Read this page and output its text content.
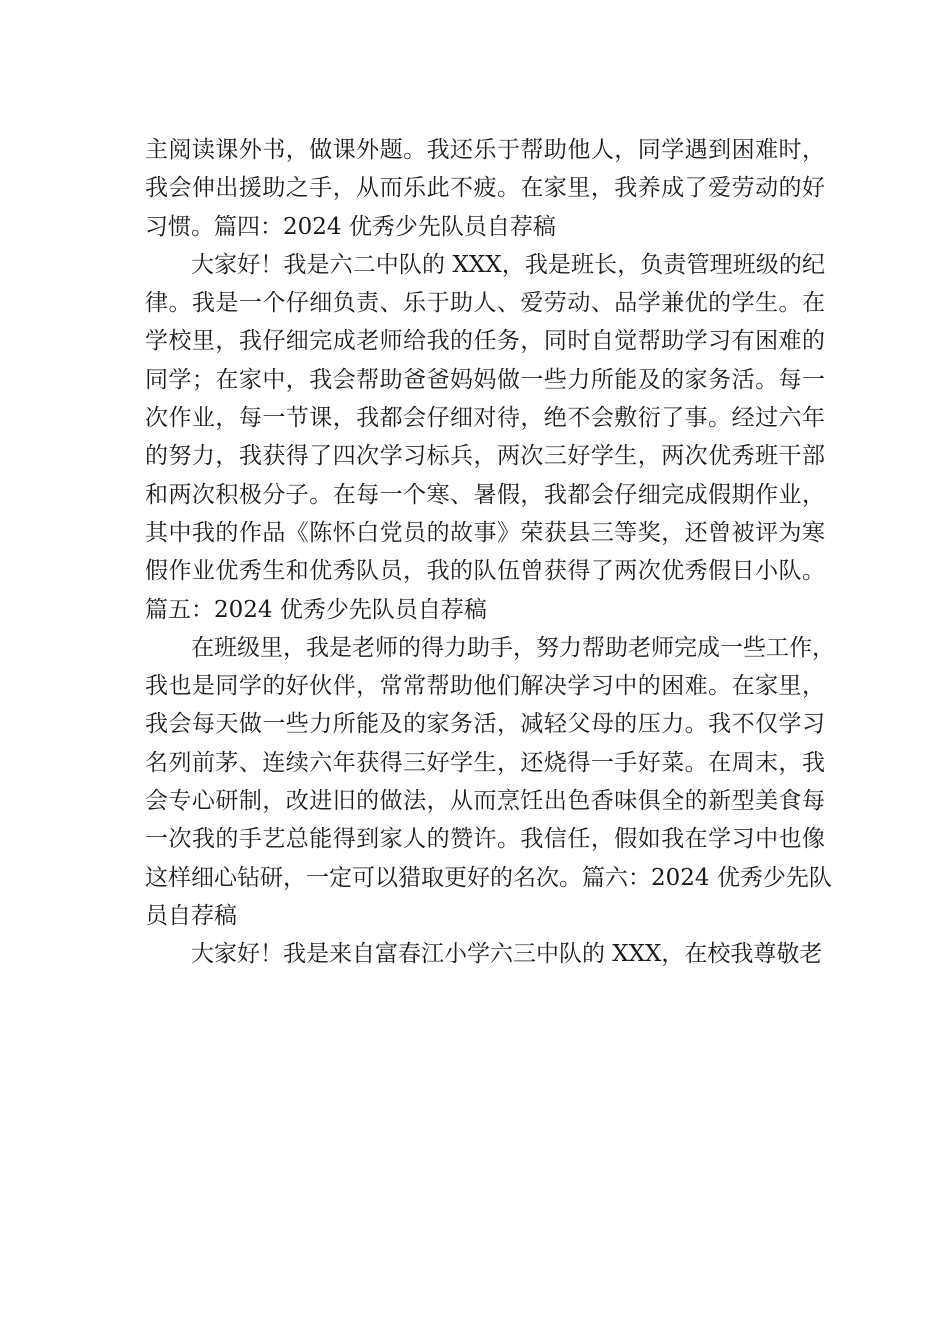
主阅读课外书，做课外题。我还乐于帮助他人，同学遇到困难时，
我会伸出援助之手，从而乐此不疲。在家里，我养成了爱劳动的好
习惯。篇四：2024 优秀少先队员自荐稿
大家好！我是六二中队的 XXX，我是班长，负责管理班级的纪
律。我是一个仔细负责、乐于助人、爱劳动、品学兼优的学生。在
学校里，我仔细完成老师给我的任务，同时自觉帮助学习有困难的
同学；在家中，我会帮助爸爸妈妈做一些力所能及的家务活。每一
次作业，每一节课，我都会仔细对待，绝不会敷衍了事。经过六年
的努力，我获得了四次学习标兵，两次三好学生，两次优秀班干部
和两次积极分子。在每一个寒、暑假，我都会仔细完成假期作业，
其中我的作品《陈怀白党员的故事》荣获县三等奖，还曾被评为寒
假作业优秀生和优秀队员，我的队伍曾获得了两次优秀假日小队。
篇五：2024 优秀少先队员自荐稿
在班级里，我是老师的得力助手，努力帮助老师完成一些工作，
我也是同学的好伙伴，常常帮助他们解决学习中的困难。在家里，
我会每天做一些力所能及的家务活，减轻父母的压力。我不仅学习
名列前茅、连续六年获得三好学生，还烧得一手好菜。在周末，我
会专心研制，改进旧的做法，从而烹饪出色香味俱全的新型美食每
一次我的手艺总能得到家人的赞许。我信任，假如我在学习中也像
这样细心钻研，一定可以猎取更好的名次。篇六：2024 优秀少先队
员自荐稿
大家好！我是来自富春江小学六三中队的 XXX，在校我尊敬老
